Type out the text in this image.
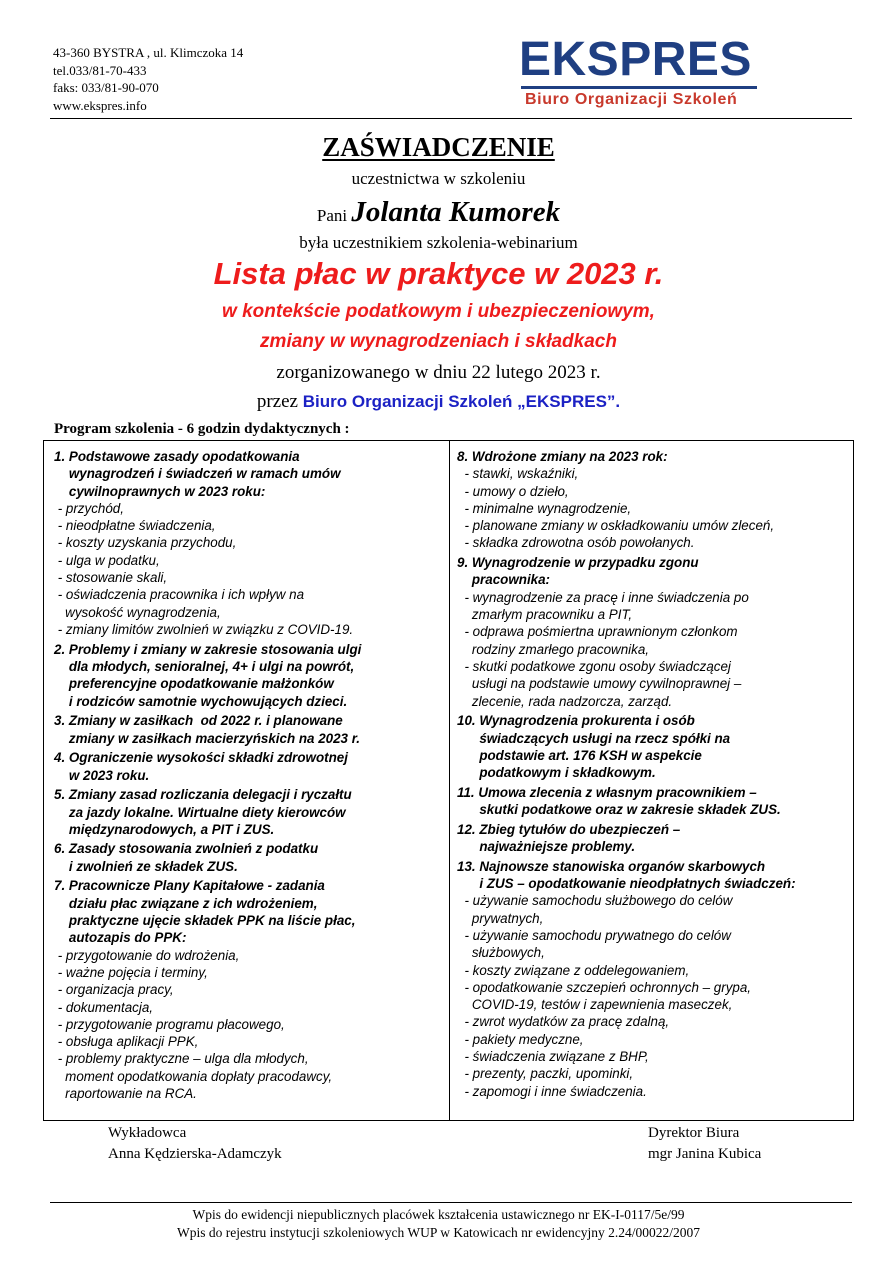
43-360 BYSTRA , ul. Klimczoka 14
tel.033/81-70-433
faks: 033/81-90-070
www.ekspres.info
EKSPRES
Biuro Organizacji Szkoleń
ZAŚWIADCZENIE
uczestnictwa w szkoleniu
Pani Jolanta Kumorek
była uczestnikiem szkolenia-webinarium
Lista płac w praktyce w 2023 r.
w kontekście podatkowym i ubezpieczeniowym,
zmiany w wynagrodzeniach i składkach
zorganizowanego w dniu 22 lutego 2023 r.
przez Biuro Organizacji Szkoleń „EKSPRES”.
Program szkolenia - 6 godzin dydaktycznych :
1. Podstawowe zasady opodatkowania
wynagrodzeń i świadczeń w ramach umów
cywilnoprawnych w 2023 roku:
- przychód,
- nieodpłatne świadczenia,
- koszty uzyskania przychodu,
- ulga w podatku,
- stosowanie skali,
- oświadczenia pracownika i ich wpływ na
wysokość wynagrodzenia,
- zmiany limitów zwolnień w związku z COVID-19.
2. Problemy i zmiany w zakresie stosowania ulgi
dla młodych, senioralnej, 4+ i ulgi na powrót,
preferencyjne opodatkowanie małżonków
i rodziców samotnie wychowujących dzieci.
3. Zmiany w zasiłkach  od 2022 r. i planowane
zmiany w zasiłkach macierzyńskich na 2023 r.
4. Ograniczenie wysokości składki zdrowotnej
w 2023 roku.
5. Zmiany zasad rozliczania delegacji i ryczałtu
za jazdy lokalne. Wirtualne diety kierowców
międzynarodowych, a PIT i ZUS.
6. Zasady stosowania zwolnień z podatku
i zwolnień ze składek ZUS.
7. Pracownicze Plany Kapitałowe - zadania
działu płac związane z ich wdrożeniem,
praktyczne ujęcie składek PPK na liście płac,
autozapis do PPK:
- przygotowanie do wdrożenia,
- ważne pojęcia i terminy,
- organizacja pracy,
- dokumentacja,
- przygotowanie programu płacowego,
- obsługa aplikacji PPK,
- problemy praktyczne – ulga dla młodych,
moment opodatkowania dopłaty pracodawcy,
raportowanie na RCA.
8. Wdrożone zmiany na 2023 rok:
- stawki, wskaźniki,
- umowy o dzieło,
- minimalne wynagrodzenie,
- planowane zmiany w oskładkowaniu umów zleceń,
- składka zdrowotna osób powołanych.
9. Wynagrodzenie w przypadku zgonu
pracownika:
- wynagrodzenie za pracę i inne świadczenia po
zmarłym pracowniku a PIT,
- odprawa pośmiertna uprawnionym członkom
rodziny zmarłego pracownika,
- skutki podatkowe zgonu osoby świadczącej
usługi na podstawie umowy cywilnoprawnej –
zlecenie, rada nadzorcza, zarząd.
10. Wynagrodzenia prokurenta i osób
świadczących usługi na rzecz spółki na
podstawie art. 176 KSH w aspekcie
podatkowym i składkowym.
11. Umowa zlecenia z własnym pracownikiem –
skutki podatkowe oraz w zakresie składek ZUS.
12. Zbieg tytułów do ubezpieczeń –
najważniejsze problemy.
13. Najnowsze stanowiska organów skarbowych
i ZUS – opodatkowanie nieodpłatnych świadczeń:
- używanie samochodu służbowego do celów
prywatnych,
- używanie samochodu prywatnego do celów
służbowych,
- koszty związane z oddelegowaniem,
- opodatkowanie szczepień ochronnych – grypa,
COVID-19, testów i zapewnienia maseczek,
- zwrot wydatków za pracę zdalną,
- pakiety medyczne,
- świadczenia związane z BHP,
- prezenty, paczki, upominki,
- zapomogi i inne świadczenia.
Wykładowca
Anna Kędzierska-Adamczyk
Dyrektor Biura
mgr Janina Kubica
Wpis do ewidencji niepublicznych placówek kształcenia ustawicznego nr EK-I-0117/5e/99
Wpis do rejestru instytucji szkoleniowych WUP w Katowicach nr ewidencyjny 2.24/00022/2007
